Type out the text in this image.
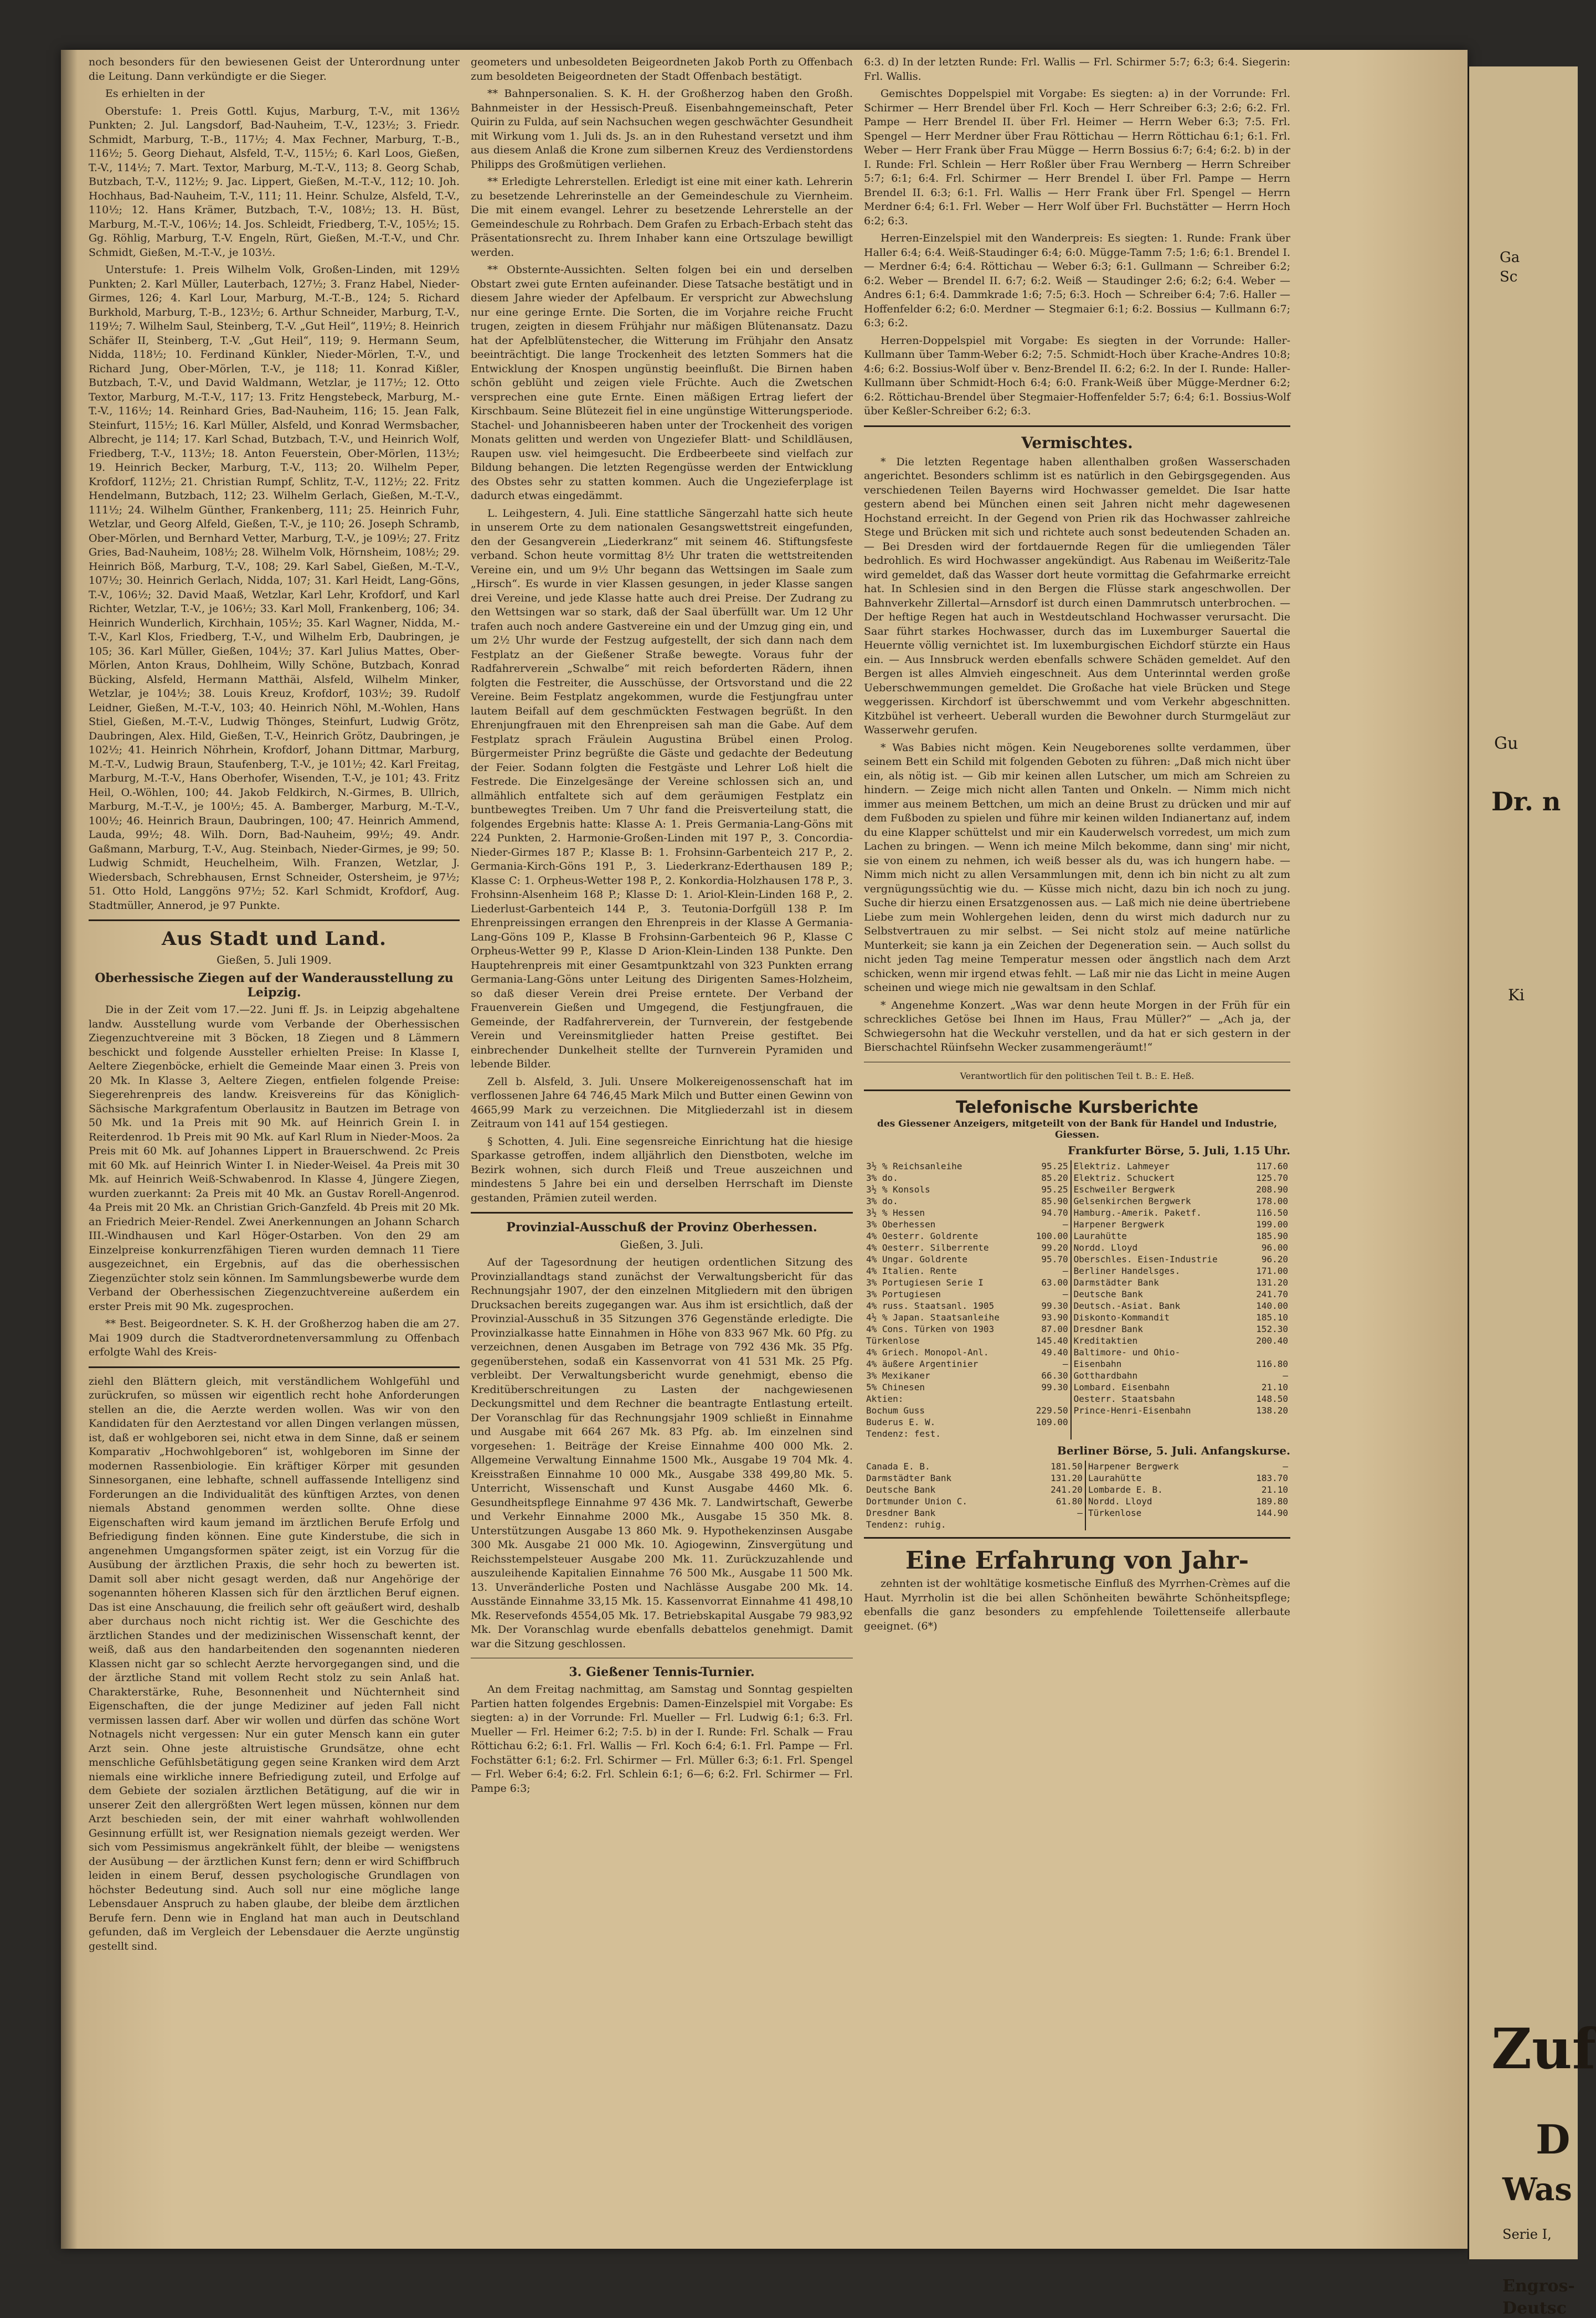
Ga
Sc
Gu
Dr. n
Ki
Zuf
D
Was
Serie I,
Engros-
Deutsc

noch besonders für den bewiesenen Geist der Unterordnung unter die Leitung. Dann verkündigte er die Sieger.

Es erhielten in der

Oberstufe: 1. Preis Gottl. Kujus, Marburg, T.-V., mit 136½ Punkten; 2. Jul. Langsdorf, Bad-Nauheim, T.-V., 123½; 3. Friedr. Schmidt, Marburg, T.-B., 117½; 4. Max Fechner, Marburg, T.-B., 116½; 5. Georg Diehaut, Alsfeld, T.-V., 115½; 6. Karl Loos, Gießen, T.-V., 114½; 7. Mart. Textor, Marburg, M.-T.-V., 113; 8. Georg Schab, Butzbach, T.-V., 112½; 9. Jac. Lippert, Gießen, M.-T.-V., 112; 10. Joh. Hochhaus, Bad-Nauheim, T.-V., 111; 11. Heinr. Schulze, Alsfeld, T.-V., 110½; 12. Hans Krämer, Butzbach, T.-V., 108½; 13. H. Büst, Marburg, M.-T.-V., 106½; 14. Jos. Schleidt, Friedberg, T.-V., 105½; 15. Gg. Röhlig, Marburg, T.-V. Engeln, Rürt, Gießen, M.-T.-V., und Chr. Schmidt, Gießen, M.-T.-V., je 103½.

Unterstufe: 1. Preis Wilhelm Volk, Großen-Linden, mit 129½ Punkten; 2. Karl Müller, Lauterbach, 127½; 3. Franz Habel, Nieder-Girmes, 126; 4. Karl Lour, Marburg, M.-T.-B., 124; 5. Richard Burkhold, Marburg, T.-B., 123½; 6. Arthur Schneider, Marburg, T.-V., 119½; 7. Wilhelm Saul, Steinberg, T.-V. „Gut Heil“, 119½; 8. Heinrich Schäfer II, Steinberg, T.-V. „Gut Heil“, 119; 9. Hermann Seum, Nidda, 118½; 10. Ferdinand Künkler, Nieder-Mörlen, T.-V., und Richard Jung, Ober-Mörlen, T.-V., je 118; 11. Konrad Kißler, Butzbach, T.-V., und David Waldmann, Wetzlar, je 117½; 12. Otto Textor, Marburg, M.-T.-V., 117; 13. Fritz Hengstebeck, Marburg, M.-T.-V., 116½; 14. Reinhard Gries, Bad-Nauheim, 116; 15. Jean Falk, Steinfurt, 115½; 16. Karl Müller, Alsfeld, und Konrad Wermsbacher, Albrecht, je 114; 17. Karl Schad, Butzbach, T.-V., und Heinrich Wolf, Friedberg, T.-V., 113½; 18. Anton Feuerstein, Ober-Mörlen, 113½; 19. Heinrich Becker, Marburg, T.-V., 113; 20. Wilhelm Peper, Krofdorf, 112½; 21. Christian Rumpf, Schlitz, T.-V., 112½; 22. Fritz Hendelmann, Butzbach, 112; 23. Wilhelm Gerlach, Gießen, M.-T.-V., 111½; 24. Wilhelm Günther, Frankenberg, 111; 25. Heinrich Fuhr, Wetzlar, und Georg Alfeld, Gießen, T.-V., je 110; 26. Joseph Schramb, Ober-Mörlen, und Bernhard Vetter, Marburg, T.-V., je 109½; 27. Fritz Gries, Bad-Nauheim, 108½; 28. Wilhelm Volk, Hörnsheim, 108½; 29. Heinrich Böß, Marburg, T.-V., 108; 29. Karl Sabel, Gießen, M.-T.-V., 107½; 30. Heinrich Gerlach, Nidda, 107; 31. Karl Heidt, Lang-Göns, T.-V., 106½; 32. David Maaß, Wetzlar, Karl Lehr, Krofdorf, und Karl Richter, Wetzlar, T.-V., je 106½; 33. Karl Moll, Frankenberg, 106; 34. Heinrich Wunderlich, Kirchhain, 105½; 35. Karl Wagner, Nidda, M.-T.-V., Karl Klos, Friedberg, T.-V., und Wilhelm Erb, Daubringen, je 105; 36. Karl Müller, Gießen, 104½; 37. Karl Julius Mattes, Ober-Mörlen, Anton Kraus, Dohlheim, Willy Schöne, Butzbach, Konrad Bücking, Alsfeld, Hermann Matthäi, Alsfeld, Wilhelm Minker, Wetzlar, je 104½; 38. Louis Kreuz, Krofdorf, 103½; 39. Rudolf Leidner, Gießen, M.-T.-V., 103; 40. Heinrich Nöhl, M.-Wohlen, Hans Stiel, Gießen, M.-T.-V., Ludwig Thönges, Steinfurt, Ludwig Grötz, Daubringen, Alex. Hild, Gießen, T.-V., Heinrich Grötz, Daubringen, je 102½; 41. Heinrich Nöhrhein, Krofdorf, Johann Dittmar, Marburg, M.-T.-V., Ludwig Braun, Staufenberg, T.-V., je 101½; 42. Karl Freitag, Marburg, M.-T.-V., Hans Oberhofer, Wisenden, T.-V., je 101; 43. Fritz Heil, O.-Wöhlen, 100; 44. Jakob Feldkirch, N.-Girmes, B. Ullrich, Marburg, M.-T.-V., je 100½; 45. A. Bamberger, Marburg, M.-T.-V., 100½; 46. Heinrich Braun, Daubringen, 100; 47. Heinrich Ammend, Lauda, 99½; 48. Wilh. Dorn, Bad-Nauheim, 99½; 49. Andr. Gaßmann, Marburg, T.-V., Aug. Steinbach, Nieder-Girmes, je 99; 50. Ludwig Schmidt, Heuchelheim, Wilh. Franzen, Wetzlar, J. Wiedersbach, Schrebhausen, Ernst Schneider, Ostersheim, je 97½; 51. Otto Hold, Langgöns 97½; 52. Karl Schmidt, Krofdorf, Aug. Stadtmüller, Annerod, je 97 Punkte.

Aus Stadt und Land.
Gießen, 5. Juli 1909.
Oberhessische Ziegen auf der Wanderausstellung zu Leipzig.

Die in der Zeit vom 17.—22. Juni ff. Js. in Leipzig abgehaltene landw. Ausstellung wurde vom Verbande der Oberhessischen Ziegenzuchtvereine mit 3 Böcken, 18 Ziegen und 8 Lämmern beschickt und folgende Aussteller erhielten Preise: In Klasse I, Aeltere Ziegenböcke, erhielt die Gemeinde Maar einen 3. Preis von 20 Mk. In Klasse 3, Aeltere Ziegen, entfielen folgende Preise: Siegerehrenpreis des landw. Kreisvereins für das Königlich-Sächsische Markgrafentum Oberlausitz in Bautzen im Betrage von 50 Mk. und 1a Preis mit 90 Mk. auf Heinrich Grein I. in Reiterdenrod. 1b Preis mit 90 Mk. auf Karl Rlum in Nieder-Moos. 2a Preis mit 60 Mk. auf Johannes Lippert in Brauerschwend. 2c Preis mit 60 Mk. auf Heinrich Winter I. in Nieder-Weisel. 4a Preis mit 30 Mk. auf Heinrich Weiß-Schwabenrod. In Klasse 4, Jüngere Ziegen, wurden zuerkannt: 2a Preis mit 40 Mk. an Gustav Rorell-Angenrod. 4a Preis mit 20 Mk. an Christian Grich-Ganzfeld. 4b Preis mit 20 Mk. an Friedrich Meier-Rendel. Zwei Anerkennungen an Johann Scharch III.-Windhausen und Karl Höger-Ostarben. Von den 29 am Einzelpreise konkurrenzfähigen Tieren wurden demnach 11 Tiere ausgezeichnet, ein Ergebnis, auf das die oberhessischen Ziegenzüchter stolz sein können. Im Sammlungsbewerbe wurde dem Verband der Oberhessischen Ziegenzuchtvereine außerdem ein erster Preis mit 90 Mk. zugesprochen.

** Best. Beigeordneter. S. K. H. der Großherzog haben die am 27. Mai 1909 durch die Stadtverordnetenversammlung zu Offenbach erfolgte Wahl des Kreis-

ziehl den Blättern gleich, mit verständlichem Wohlgefühl und zurückrufen, so müssen wir eigentlich recht hohe Anforderungen stellen an die, die Aerzte werden wollen. Was wir von den Kandidaten für den Aerztestand vor allen Dingen verlangen müssen, ist, daß er wohlgeboren sei, nicht etwa in dem Sinne, daß er seinem Komparativ „Hochwohlgeboren“ ist, wohlgeboren im Sinne der modernen Rassenbiologie. Ein kräftiger Körper mit gesunden Sinnesorganen, eine lebhafte, schnell auffassende Intelligenz sind Forderungen an die Individualität des künftigen Arztes, von denen niemals Abstand genommen werden sollte. Ohne diese Eigenschaften wird kaum jemand im ärztlichen Berufe Erfolg und Befriedigung finden können. Eine gute Kinderstube, die sich in angenehmen Umgangsformen später zeigt, ist ein Vorzug für die Ausübung der ärztlichen Praxis, die sehr hoch zu bewerten ist. Damit soll aber nicht gesagt werden, daß nur Angehörige der sogenannten höheren Klassen sich für den ärztlichen Beruf eignen. Das ist eine Anschauung, die freilich sehr oft geäußert wird, deshalb aber durchaus noch nicht richtig ist. Wer die Geschichte des ärztlichen Standes und der medizinischen Wissenschaft kennt, der weiß, daß aus den handarbeitenden den sogenannten niederen Klassen nicht gar so schlecht Aerzte hervorgegangen sind, und die der ärztliche Stand mit vollem Recht stolz zu sein Anlaß hat. Charakterstärke, Ruhe, Besonnenheit und Nüchternheit sind Eigenschaften, die der junge Mediziner auf jeden Fall nicht vermissen lassen darf. Aber wir wollen und dürfen das schöne Wort Notnagels nicht vergessen: Nur ein guter Mensch kann ein guter Arzt sein. Ohne jeste altruistische Grundsätze, ohne echt menschliche Gefühlsbetätigung gegen seine Kranken wird dem Arzt niemals eine wirkliche innere Befriedigung zuteil, und Erfolge auf dem Gebiete der sozialen ärztlichen Betätigung, auf die wir in unserer Zeit den allergrößten Wert legen müssen, können nur dem Arzt beschieden sein, der mit einer wahrhaft wohlwollenden Gesinnung erfüllt ist, wer Resignation niemals gezeigt werden. Wer sich vom Pessimismus angekränkelt fühlt, der bleibe — wenigstens der Ausübung — der ärztlichen Kunst fern; denn er wird Schiffbruch leiden in einem Beruf, dessen psychologische Grundlagen von höchster Bedeutung sind. Auch soll nur eine mögliche lange Lebensdauer Anspruch zu haben glaube, der bleibe dem ärztlichen Berufe fern. Denn wie in England hat man auch in Deutschland gefunden, daß im Vergleich der Lebensdauer die Aerzte ungünstig gestellt sind.

geometers und unbesoldeten Beigeordneten Jakob Porth zu Offenbach zum besoldeten Beigeordneten der Stadt Offenbach bestätigt.

** Bahnpersonalien. S. K. H. der Großherzog haben den Großh. Bahnmeister in der Hessisch-Preuß. Eisenbahngemeinschaft, Peter Quirin zu Fulda, auf sein Nachsuchen wegen geschwächter Gesundheit mit Wirkung vom 1. Juli ds. Js. an in den Ruhestand versetzt und ihm aus diesem Anlaß die Krone zum silbernen Kreuz des Verdienstordens Philipps des Großmütigen verliehen.

** Erledigte Lehrerstellen. Erledigt ist eine mit einer kath. Lehrerin zu besetzende Lehrerinstelle an der Gemeindeschule zu Viernheim. Die mit einem evangel. Lehrer zu besetzende Lehrerstelle an der Gemeindeschule zu Rohrbach. Dem Grafen zu Erbach-Erbach steht das Präsentationsrecht zu. Ihrem Inhaber kann eine Ortszulage bewilligt werden.

** Obsternte-Aussichten. Selten folgen bei ein und derselben Obstart zwei gute Ernten aufeinander. Diese Tatsache bestätigt und in diesem Jahre wieder der Apfelbaum. Er verspricht zur Abwechslung nur eine geringe Ernte. Die Sorten, die im Vorjahre reiche Frucht trugen, zeigten in diesem Frühjahr nur mäßigen Blütenansatz. Dazu hat der Apfelblütenstecher, die Witterung im Frühjahr den Ansatz beeinträchtigt. Die lange Trockenheit des letzten Sommers hat die Entwicklung der Knospen ungünstig beeinflußt. Die Birnen haben schön geblüht und zeigen viele Früchte. Auch die Zwetschen versprechen eine gute Ernte. Einen mäßigen Ertrag liefert der Kirschbaum. Seine Blütezeit fiel in eine ungünstige Witterungsperiode. Stachel- und Johannisbeeren haben unter der Trockenheit des vorigen Monats gelitten und werden von Ungeziefer Blatt- und Schildläusen, Raupen usw. viel heimgesucht. Die Erdbeerbeete sind vielfach zur Bildung behangen. Die letzten Regengüsse werden der Entwicklung des Obstes sehr zu statten kommen. Auch die Ungezieferplage ist dadurch etwas eingedämmt.

L. Leihgestern, 4. Juli. Eine stattliche Sängerzahl hatte sich heute in unserem Orte zu dem nationalen Gesangswettstreit eingefunden, den der Gesangverein „Liederkranz“ mit seinem 46. Stiftungsfeste verband. Schon heute vormittag 8½ Uhr traten die wettstreitenden Vereine ein, und um 9½ Uhr begann das Wettsingen im Saale zum „Hirsch“. Es wurde in vier Klassen gesungen, in jeder Klasse sangen drei Vereine, und jede Klasse hatte auch drei Preise. Der Zudrang zu den Wettsingen war so stark, daß der Saal überfüllt war. Um 12 Uhr trafen auch noch andere Gastvereine ein und der Umzug ging ein, und um 2½ Uhr wurde der Festzug aufgestellt, der sich dann nach dem Festplatz an der Gießener Straße bewegte. Voraus fuhr der Radfahrerverein „Schwalbe“ mit reich beforderten Rädern, ihnen folgten die Festreiter, die Ausschüsse, der Ortsvorstand und die 22 Vereine. Beim Festplatz angekommen, wurde die Festjungfrau unter lautem Beifall auf dem geschmückten Festwagen begrüßt. In den Ehrenjungfrauen mit den Ehrenpreisen sah man die Gabe. Auf dem Festplatz sprach Fräulein Augustina Brübel einen Prolog. Bürgermeister Prinz begrüßte die Gäste und gedachte der Bedeutung der Feier. Sodann folgten die Festgäste und Lehrer Loß hielt die Festrede. Die Einzelgesänge der Vereine schlossen sich an, und allmählich entfaltete sich auf dem geräumigen Festplatz ein buntbewegtes Treiben. Um 7 Uhr fand die Preisverteilung statt, die folgendes Ergebnis hatte: Klasse A: 1. Preis Germania-Lang-Göns mit 224 Punkten, 2. Harmonie-Großen-Linden mit 197 P., 3. Concordia-Nieder-Girmes 187 P.; Klasse B: 1. Frohsinn-Garbenteich 217 P., 2. Germania-Kirch-Göns 191 P., 3. Liederkranz-Ederthausen 189 P.; Klasse C: 1. Orpheus-Wetter 198 P., 2. Konkordia-Holzhausen 178 P., 3. Frohsinn-Alsenheim 168 P.; Klasse D: 1. Ariol-Klein-Linden 168 P., 2. Liederlust-Garbenteich 144 P., 3. Teutonia-Dorfgüll 138 P. Im Ehrenpreissingen errangen den Ehrenpreis in der Klasse A Germania-Lang-Göns 109 P., Klasse B Frohsinn-Garbenteich 96 P., Klasse C Orpheus-Wetter 99 P., Klasse D Arion-Klein-Linden 138 Punkte. Den Hauptehrenpreis mit einer Gesamtpunktzahl von 323 Punkten errang Germania-Lang-Göns unter Leitung des Dirigenten Sames-Holzheim, so daß dieser Verein drei Preise erntete. Der Verband der Frauenverein Gießen und Umgegend, die Festjungfrauen, die Gemeinde, der Radfahrerverein, der Turnverein, der festgebende Verein und Vereinsmitglieder hatten Preise gestiftet. Bei einbrechender Dunkelheit stellte der Turnverein Pyramiden und lebende Bilder.

Zell b. Alsfeld, 3. Juli. Unsere Molkereigenossenschaft hat im verflossenen Jahre 64 746,45 Mark Milch und Butter einen Gewinn von 4665,99 Mark zu verzeichnen. Die Mitgliederzahl ist in diesem Zeitraum von 141 auf 154 gestiegen.

§ Schotten, 4. Juli. Eine segensreiche Einrichtung hat die hiesige Sparkasse getroffen, indem alljährlich den Dienstboten, welche im Bezirk wohnen, sich durch Fleiß und Treue auszeichnen und mindestens 5 Jahre bei ein und derselben Herrschaft im Dienste gestanden, Prämien zuteil werden.

Provinzial-Ausschuß der Provinz Oberhessen.
Gießen, 3. Juli.

Auf der Tagesordnung der heutigen ordentlichen Sitzung des Provinziallandtags stand zunächst der Verwaltungsbericht für das Rechnungsjahr 1907, der den einzelnen Mitgliedern mit den übrigen Drucksachen bereits zugegangen war. Aus ihm ist ersichtlich, daß der Provinzial-Ausschuß in 35 Sitzungen 376 Gegenstände erledigte. Die Provinzialkasse hatte Einnahmen in Höhe von 833 967 Mk. 60 Pfg. zu verzeichnen, denen Ausgaben im Betrage von 792 436 Mk. 35 Pfg. gegenüberstehen, sodaß ein Kassenvorrat von 41 531 Mk. 25 Pfg. verbleibt. Der Verwaltungsbericht wurde genehmigt, ebenso die Kreditüberschreitungen zu Lasten der nachgewiesenen Deckungsmittel und dem Rechner die beantragte Entlastung erteilt. Der Voranschlag für das Rechnungsjahr 1909 schließt in Einnahme und Ausgabe mit 664 267 Mk. 83 Pfg. ab. Im einzelnen sind vorgesehen: 1. Beiträge der Kreise Einnahme 400 000 Mk. 2. Allgemeine Verwaltung Einnahme 1500 Mk., Ausgabe 19 704 Mk. 4. Kreisstraßen Einnahme 10 000 Mk., Ausgabe 338 499,80 Mk. 5. Unterricht, Wissenschaft und Kunst Ausgabe 4460 Mk. 6. Gesundheitspflege Einnahme 97 436 Mk. 7. Landwirtschaft, Gewerbe und Verkehr Einnahme 2000 Mk., Ausgabe 15 350 Mk. 8. Unterstützungen Ausgabe 13 860 Mk. 9. Hypothekenzinsen Ausgabe 300 Mk. Ausgabe 21 000 Mk. 10. Agiogewinn, Zinsvergütung und Reichsstempelsteuer Ausgabe 200 Mk. 11. Zurückzuzahlende und auszuleihende Kapitalien Einnahme 76 500 Mk., Ausgabe 11 500 Mk. 13. Unveränderliche Posten und Nachlässe Ausgabe 200 Mk. 14. Ausstände Einnahme 33,15 Mk. 15. Kassenvorrat Einnahme 41 498,10 Mk. Reservefonds 4554,05 Mk. 17. Betriebskapital Ausgabe 79 983,92 Mk. Der Voranschlag wurde ebenfalls debattelos genehmigt. Damit war die Sitzung geschlossen.

3. Gießener Tennis-Turnier.

An dem Freitag nachmittag, am Samstag und Sonntag gespielten Partien hatten folgendes Ergebnis: Damen-Einzelspiel mit Vorgabe: Es siegten: a) in der Vorrunde: Frl. Mueller — Frl. Ludwig 6:1; 6:3. Frl. Mueller — Frl. Heimer 6:2; 7:5. b) in der I. Runde: Frl. Schalk — Frau Röttichau 6:2; 6:1. Frl. Wallis — Frl. Koch 6:4; 6:1. Frl. Pampe — Frl. Fochstätter 6:1; 6:2. Frl. Schirmer — Frl. Müller 6:3; 6:1. Frl. Spengel — Frl. Weber 6:4; 6:2. Frl. Schlein 6:1; 6—6; 6:2. Frl. Schirmer — Frl. Pampe 6:3;

6:3. d) In der letzten Runde: Frl. Wallis — Frl. Schirmer 5:7; 6:3; 6:4. Siegerin: Frl. Wallis.

Gemischtes Doppelspiel mit Vorgabe: Es siegten: a) in der Vorrunde: Frl. Schirmer — Herr Brendel über Frl. Koch — Herr Schreiber 6:3; 2:6; 6:2. Frl. Pampe — Herr Brendel II. über Frl. Heimer — Herrn Weber 6:3; 7:5. Frl. Spengel — Herr Merdner über Frau Röttichau — Herrn Röttichau 6:1; 6:1. Frl. Weber — Herr Frank über Frau Mügge — Herrn Bossius 6:7; 6:4; 6:2. b) in der I. Runde: Frl. Schlein — Herr Roßler über Frau Wernberg — Herrn Schreiber 5:7; 6:1; 6:4. Frl. Schirmer — Herr Brendel I. über Frl. Pampe — Herrn Brendel II. 6:3; 6:1. Frl. Wallis — Herr Frank über Frl. Spengel — Herrn Merdner 6:4; 6:1. Frl. Weber — Herr Wolf über Frl. Buchstätter — Herrn Hoch 6:2; 6:3.

Herren-Einzelspiel mit den Wanderpreis: Es siegten: 1. Runde: Frank über Haller 6:4; 6:4. Weiß-Staudinger 6:4; 6:0. Mügge-Tamm 7:5; 1:6; 6:1. Brendel I. — Merdner 6:4; 6:4. Röttichau — Weber 6:3; 6:1. Gullmann — Schreiber 6:2; 6:2. Weber — Brendel II. 6:7; 6:2. Weiß — Staudinger 2:6; 6:2; 6:4. Weber — Andres 6:1; 6:4. Dammkrade 1:6; 7:5; 6:3. Hoch — Schreiber 6:4; 7:6. Haller — Hoffenfelder 6:2; 6:0. Merdner — Stegmaier 6:1; 6:2. Bossius — Kullmann 6:7; 6:3; 6:2.

Herren-Doppelspiel mit Vorgabe: Es siegten in der Vorrunde: Haller-Kullmann über Tamm-Weber 6:2; 7:5. Schmidt-Hoch über Krache-Andres 10:8; 4:6; 6:2. Bossius-Wolf über v. Benz-Brendel II. 6:2; 6:2. In der I. Runde: Haller-Kullmann über Schmidt-Hoch 6:4; 6:0. Frank-Weiß über Mügge-Merdner 6:2; 6:2. Röttichau-Brendel über Stegmaier-Hoffenfelder 5:7; 6:4; 6:1. Bossius-Wolf über Keßler-Schreiber 6:2; 6:3.

Vermischtes.

* Die letzten Regentage haben allenthalben großen Wasserschaden angerichtet. Besonders schlimm ist es natürlich in den Gebirgsgegenden. Aus verschiedenen Teilen Bayerns wird Hochwasser gemeldet. Die Isar hatte gestern abend bei München einen seit Jahren nicht mehr dagewesenen Hochstand erreicht. In der Gegend von Prien rik das Hochwasser zahlreiche Stege und Brücken mit sich und richtete auch sonst bedeutenden Schaden an. — Bei Dresden wird der fortdauernde Regen für die umliegenden Täler bedrohlich. Es wird Hochwasser angekündigt. Aus Rabenau im Weißeritz-Tale wird gemeldet, daß das Wasser dort heute vormittag die Gefahrmarke erreicht hat. In Schlesien sind in den Bergen die Flüsse stark angeschwollen. Der Bahnverkehr Zillertal—Arnsdorf ist durch einen Dammrutsch unterbrochen. — Der heftige Regen hat auch in Westdeutschland Hochwasser verursacht. Die Saar führt starkes Hochwasser, durch das im Luxemburger Sauertal die Heuernte völlig vernichtet ist. Im luxemburgischen Eichdorf stürzte ein Haus ein. — Aus Innsbruck werden ebenfalls schwere Schäden gemeldet. Auf den Bergen ist alles Almvieh eingeschneit. Aus dem Unterinntal werden große Ueberschwemmungen gemeldet. Die Großache hat viele Brücken und Stege weggerissen. Kirchdorf ist überschwemmt und vom Verkehr abgeschnitten. Kitzbühel ist verheert. Ueberall wurden die Bewohner durch Sturmgeläut zur Wasserwehr gerufen.

* Was Babies nicht mögen. Kein Neugeborenes sollte verdammen, über seinem Bett ein Schild mit folgenden Geboten zu führen: „Daß mich nicht über ein, als nötig ist. — Gib mir keinen allen Lutscher, um mich am Schreien zu hindern. — Zeige mich nicht allen Tanten und Onkeln. — Nimm mich nicht immer aus meinem Bettchen, um mich an deine Brust zu drücken und mir auf dem Fußboden zu spielen und führe mir keinen wilden Indianertanz auf, indem du eine Klapper schüttelst und mir ein Kauderwelsch vorredest, um mich zum Lachen zu bringen. — Wenn ich meine Milch bekomme, dann sing' mir nicht, sie von einem zu nehmen, ich weiß besser als du, was ich hungern habe. — Nimm mich nicht zu allen Versammlungen mit, denn ich bin nicht zu alt zum vergnügungssüchtig wie du. — Küsse mich nicht, dazu bin ich noch zu jung. Suche dir hierzu einen Ersatzgenossen aus. — Laß mich nie deine übertriebene Liebe zum mein Wohlergehen leiden, denn du wirst mich dadurch nur zu Selbstvertrauen zu mir selbst. — Sei nicht stolz auf meine natürliche Munterkeit; sie kann ja ein Zeichen der Degeneration sein. — Auch sollst du nicht jeden Tag meine Temperatur messen oder ängstlich nach dem Arzt schicken, wenn mir irgend etwas fehlt. — Laß mir nie das Licht in meine Augen scheinen und wiege mich nie gewaltsam in den Schlaf.

* Angenehme Konzert. „Was war denn heute Morgen in der Früh für ein schreckliches Getöse bei Ihnen im Haus, Frau Müller?“ — „Ach ja, der Schwiegersohn hat die Weckuhr verstellen, und da hat er sich gestern in der Bierschachtel Rüinfsehn Wecker zusammengeräumt!“

Verantwortlich für den politischen Teil t. B.: E. Heß.

Telefonische Kursberichte
des Giessener Anzeigers, mitgeteilt von der Bank für Handel und Industrie, Giessen.
Frankfurter Börse, 5. Juli, 1.15 Uhr.
3½ % Reichsanleihe	95.25	Elektriz. Lahmeyer	117.60
3% do.	85.20	Elektriz. Schuckert	125.70
3½ % Konsols	95.25	Eschweiler Bergwerk	208.90
3% do.	85.90	Gelsenkirchen Bergwerk	178.00
3½ % Hessen	94.70	Hamburg.-Amerik. Paketf.	116.50
3% Oberhessen	—	Harpener Bergwerk	199.00
4% Oesterr. Goldrente	100.00	Laurahütte	185.90
4% Oesterr. Silberrente	99.20	Nordd. Lloyd	96.00
4% Ungar. Goldrente	95.70	Oberschles. Eisen-Industrie	96.20
4% Italien. Rente	—	Berliner Handelsges.	171.00
3% Portugiesen Serie I	63.00	Darmstädter Bank	131.20
3% Portugiesen	—	Deutsche Bank	241.70
4% russ. Staatsanl. 1905	99.30	Deutsch.-Asiat. Bank	140.00
4½ % Japan. Staatsanleihe	93.90	Diskonto-Kommandit	185.10
4% Cons. Türken von 1903	87.00	Dresdner Bank	152.30
Türkenlose	145.40	Kreditaktien	200.40
4% Griech. Monopol-Anl.	49.40	Baltimore- und Ohio-	
4% äußere Argentinier	—	Eisenbahn	116.80
3% Mexikaner	66.30	Gotthardbahn	—
5% Chinesen	99.30	Lombard. Eisenbahn	21.10
Aktien:		Oesterr. Staatsbahn	148.50
Bochum Guss	229.50	Prince-Henri-Eisenbahn	138.20
Buderus E. W.	109.00		
Tendenz: fest.			
Berliner Börse, 5. Juli. Anfangskurse.
Canada E. B.	181.50	Harpener Bergwerk	—
Darmstädter Bank	131.20	Laurahütte	183.70
Deutsche Bank	241.20	Lombarde E. B.	21.10
Dortmunder Union C.	61.80	Nordd. Lloyd	189.80
Dresdner Bank	—	Türkenlose	144.90
Tendenz: ruhig.			
Eine Erfahrung von Jahr-

zehnten ist der wohltätige kosmetische Einfluß des Myrrhen-Crèmes auf die Haut. Myrrholin ist die bei allen Schönheiten bewährte Schönheitspflege; ebenfalls die ganz besonders zu empfehlende Toilettenseife allerbaute geeignet. (6*)
